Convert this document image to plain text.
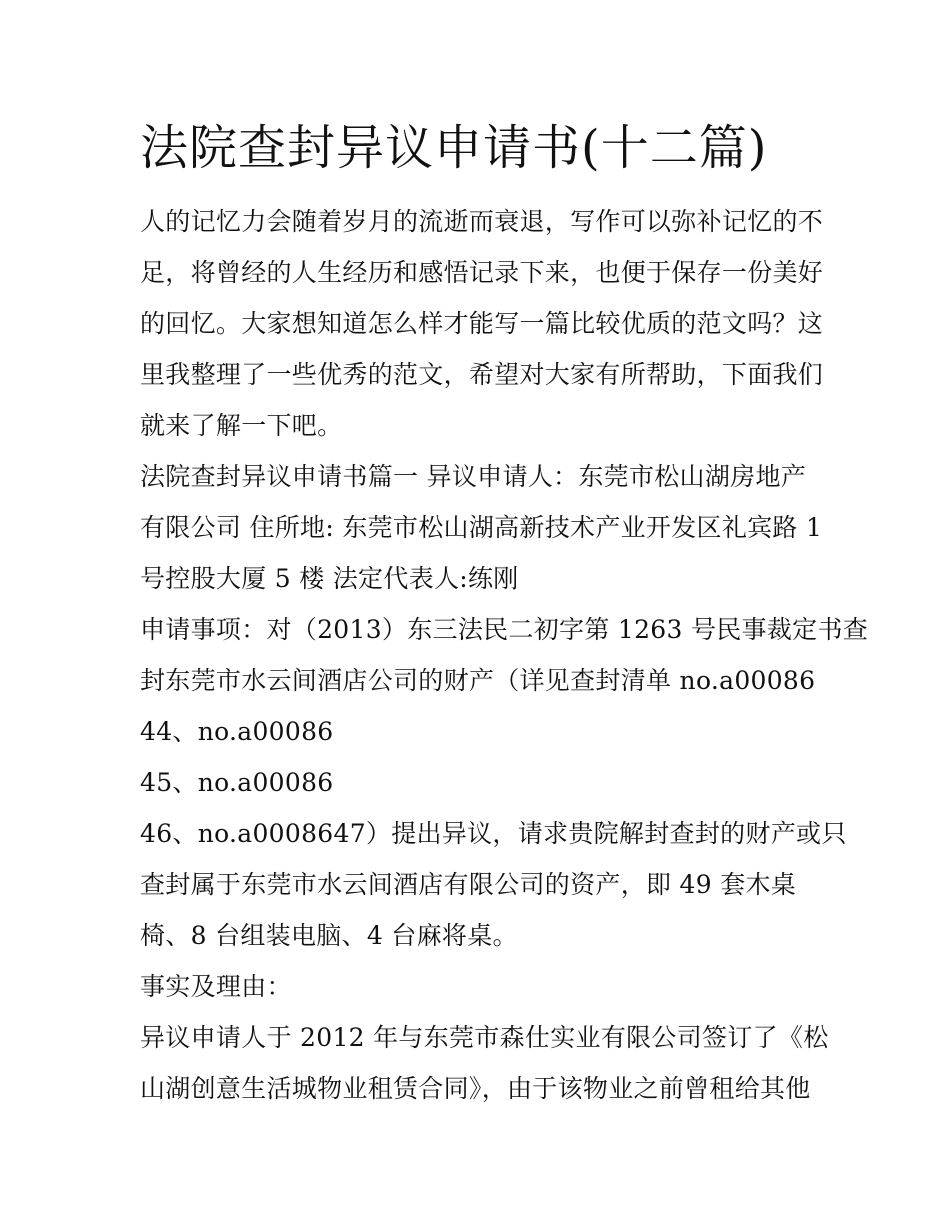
法院查封异议申请书(十二篇)

人的记忆力会随着岁月的流逝而衰退，写作可以弥补记忆的不

足，将曾经的人生经历和感悟记录下来，也便于保存一份美好

的回忆。大家想知道怎么样才能写一篇比较优质的范文吗？这

里我整理了一些优秀的范文，希望对大家有所帮助，下面我们

就来了解一下吧。

法院查封异议申请书篇一 异议申请人：东莞市松山湖房地产

有限公司 住所地: 东莞市松山湖高新技术产业开发区礼宾路 1

号控股大厦 5 楼 法定代表人:练刚

申请事项：对（2013）东三法民二初字第 1263 号民事裁定书查

封东莞市水云间酒店公司的财产（详见查封清单 no.a00086

44、no.a00086

45、no.a00086

46、no.a0008647）提出异议，请求贵院解封查封的财产或只

查封属于东莞市水云间酒店有限公司的资产，即 49 套木桌

椅、8 台组装电脑、4 台麻将桌。

事实及理由：

异议申请人于 2012 年与东莞市森仕实业有限公司签订了《松

山湖创意生活城物业租赁合同》，由于该物业之前曾租给其他
